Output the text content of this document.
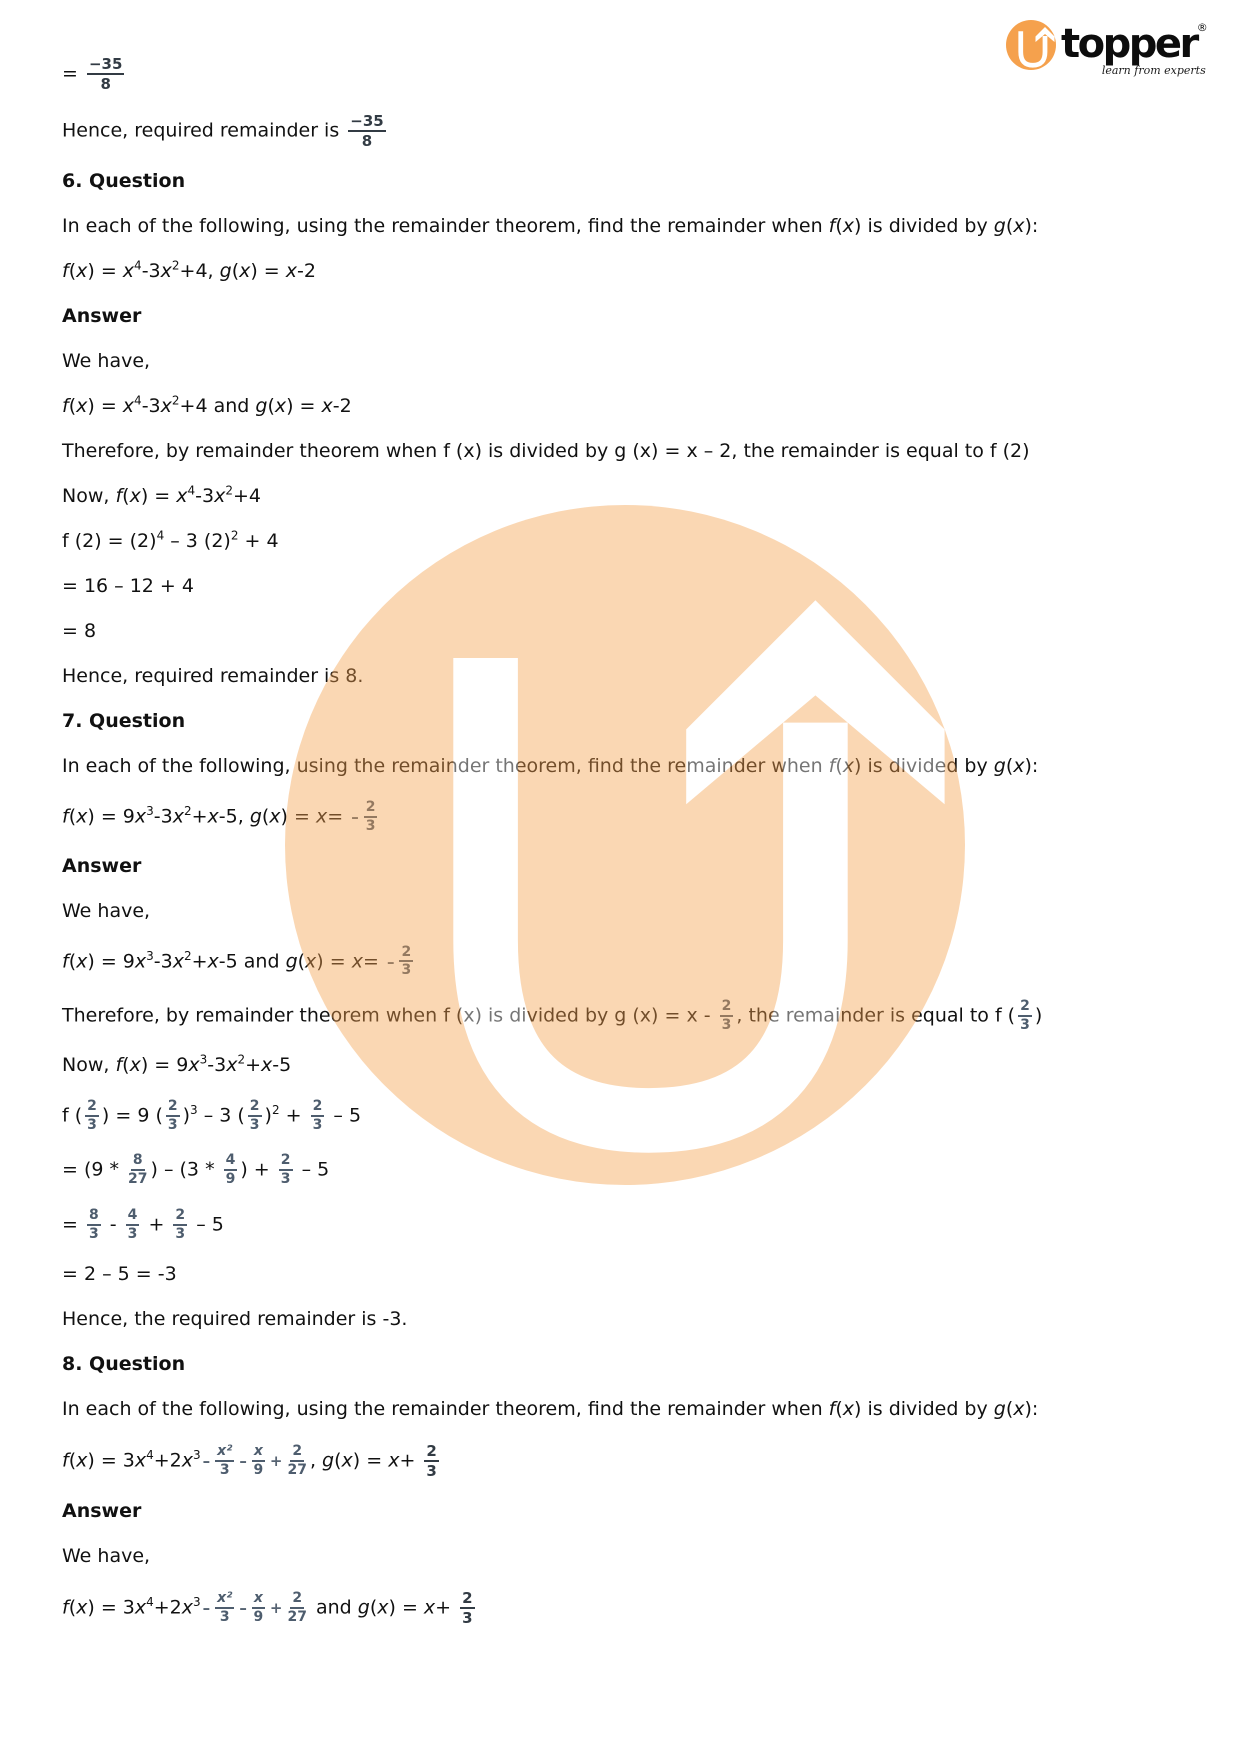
topper ®
learn from experts

= $\frac{-35}{8}$

Hence, required remainder is $\frac{-35}{8}$

6. Question

In each of the following, using the remainder theorem, find the remainder when f(x) is divided by g(x):

$f(x) = x^4-3x^2+4$, g(x) = x-2

Answer

We have,

$f(x) = x^4-3x^2+4$ and g(x) = x-2

Therefore, by remainder theorem when f (x) is divided by g (x) = x – 2, the remainder is equal to f (2)

Now, $f(x) = x^4-3x^2+4$

f $(2) = (2)^4 - 3$ $(2)^2 + 4$

= 16 – 12 + 4

= 8

Hence, required remainder is 8.

7. Question

In each of the following, using the remainder theorem, find the remainder when f(x) is divided by g(x):

$f(x) = 9x^3-3x^2+x-5$, $g(x) = x= - \frac{2}{3}$

Answer

We have,

$f(x) = 9x^3-3x^2+x-5$ and $g(x) = x= - \frac{2}{3}$

Therefore, by remainder theorem when f (x) is divided by g $(x) = x - \frac{2}{3}$ , the remainder is equal to f ( $\frac{2}{3}$ )

Now, $f(x) = 9x^3-3x^2+x-5$

f ( $\frac{2}{3}$ ) = 9 ( $\frac{2}{3} )^3 - 3$ ( $\frac{2}{3} )^2 + \frac{2}{3} - 5$

= ($9 * \frac{8}{27}$ ) – ($3 * \frac{4}{9}$ ) + $\frac{2}{3} - 5$

= $\frac{8}{3} - \frac{4}{3} + \frac{2}{3} - 5$

= 2 – 5 = -3

Hence, the required remainder is -3.

8. Question

In each of the following, using the remainder theorem, find the remainder when f(x) is divided by g(x):

$f(x) = 3x^4+2x^3 - \frac{\text{x²}}{3} - \frac{x}{9} + \frac{2}{27}$ , $g(x) = x+ \frac{2}{3}$

Answer

We have,

$f(x) = 3x^4+2x^3 - \frac{\text{x²}}{3} - \frac{x}{9} + \frac{2}{27}$ and $g(x) = x+ \frac{2}{3}$
